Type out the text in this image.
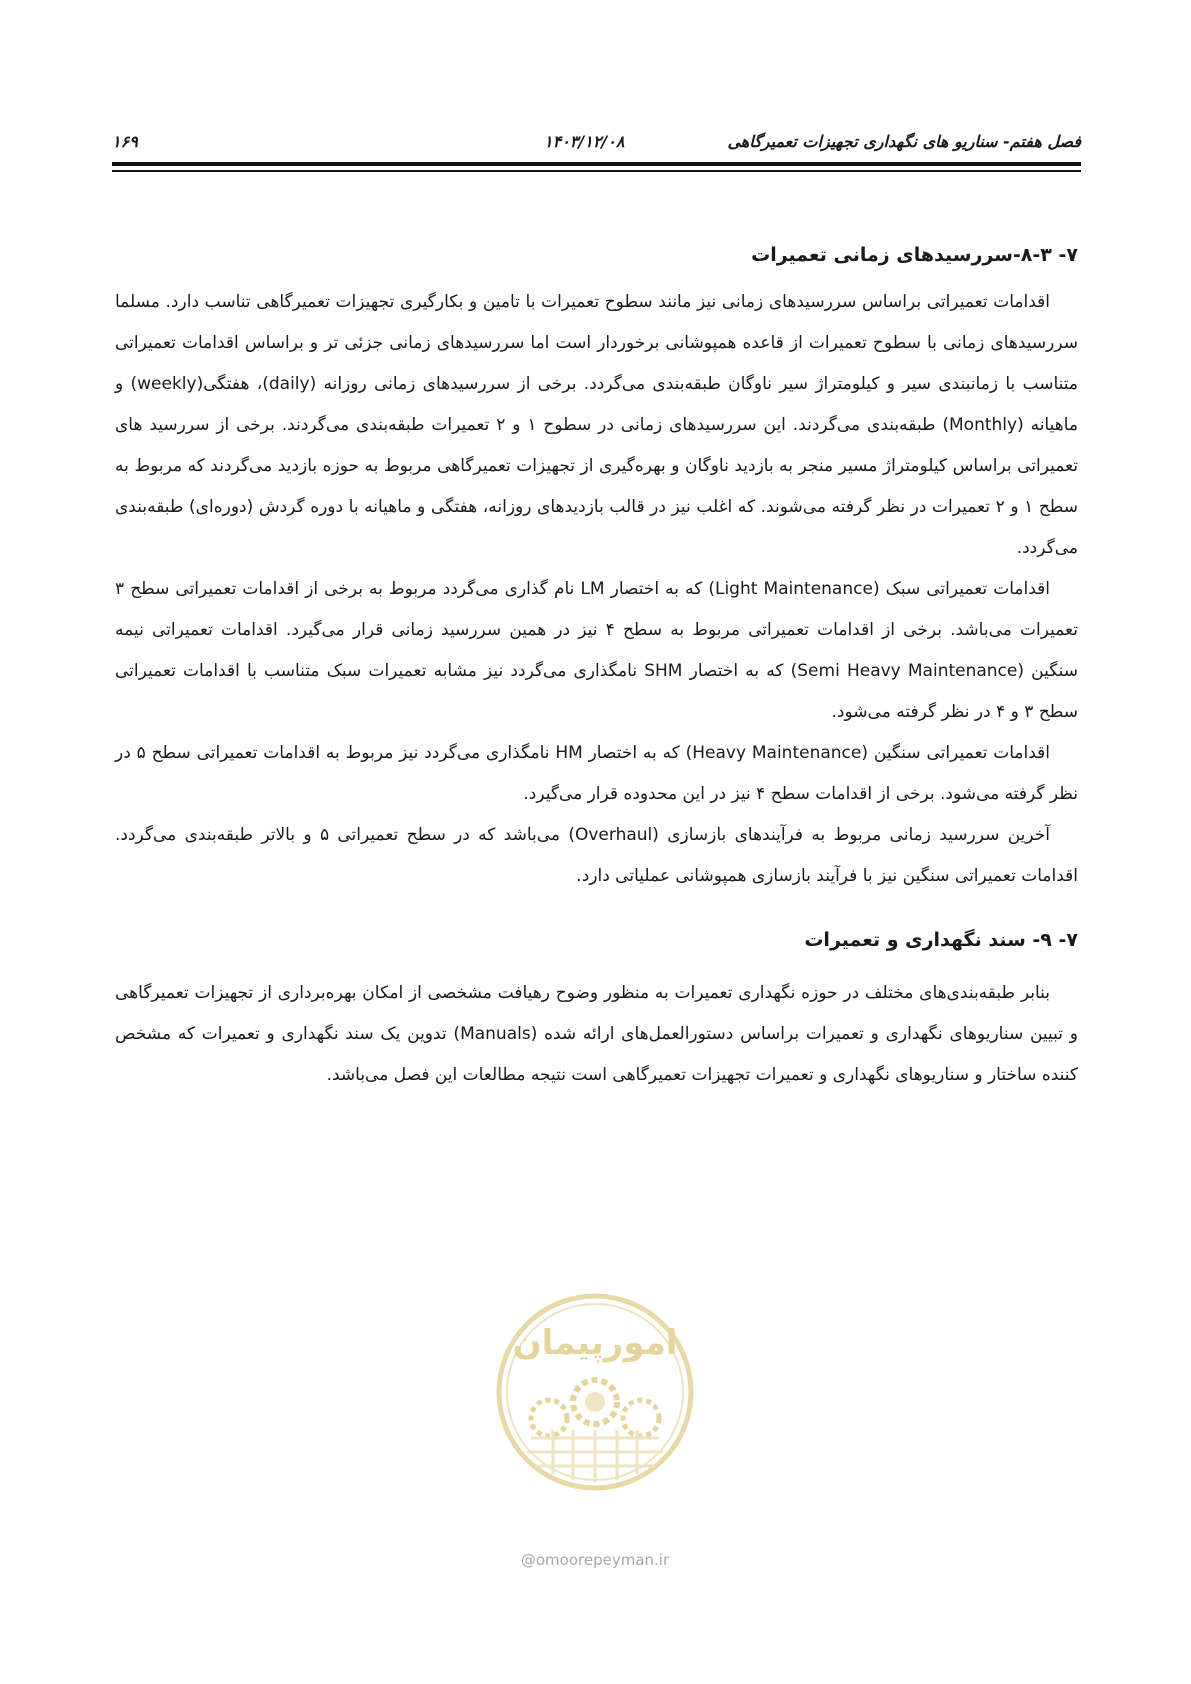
فصل هفتم- سناریو های نگهداری تجهیزات تعمیرگاهی
۱۴۰۳/۱۲/۰۸
۱۶۹
۷- ۸-۳-سررسیدهای زمانی تعمیرات

اقدامات تعمیراتی براساس سررسیدهای زمانی نیز مانند سطوح تعمیرات با تامین و بکارگیری تجهیزات تعمیرگاهی تناسب دارد. مسلما سررسیدهای زمانی با سطوح تعمیرات از قاعده همپوشانی برخوردار است اما سررسیدهای زمانی جزئی تر و براساس اقدامات تعمیراتی متناسب با زمانبندی سیر و کیلومتراژ سیر ناوگان طبقه‌بندی می‌گردد. برخی از سررسیدهای زمانی روزانه (daily)، هفتگی(weekly) و ماهیانه (Monthly) طبقه‌بندی می‌گردند. این سررسیدهای زمانی در سطوح ۱ و ۲ تعمیرات طبقه‌بندی می‌گردند. برخی از سررسید های تعمیراتی براساس کیلومتراژ مسیر منجر به بازدید ناوگان و بهره‌گیری از تجهیزات تعمیرگاهی مربوط به حوزه بازدید می‌گردند که مربوط به سطح ۱ و ۲ تعمیرات در نظر گرفته می‌شوند. که اغلب نیز در قالب بازدیدهای روزانه، هفتگی و ماهیانه با دوره گردش (دوره‌ای) طبقه‌بندی می‌گردد.

اقدامات تعمیراتی سبک (Light Maintenance) که به اختصار LM نام گذاری می‌گردد مربوط به برخی از اقدامات تعمیراتی سطح ۳ تعمیرات می‌باشد. برخی از اقدامات تعمیراتی مربوط به سطح ۴ نیز در همین سررسید زمانی قرار می‌گیرد. اقدامات تعمیراتی نیمه سنگین (Semi Heavy Maintenance) که به اختصار SHM نامگذاری می‌گردد نیز مشابه تعمیرات سبک متناسب با اقدامات تعمیراتی سطح ۳ و ۴ در نظر گرفته می‌شود.

اقدامات تعمیراتی سنگین (Heavy Maintenance) که به اختصار HM نامگذاری می‌گردد نیز مربوط به اقدامات تعمیراتی سطح ۵ در نظر گرفته می‌شود. برخی از اقدامات سطح ۴ نیز در این محدوده قرار می‌گیرد.

آخرین سررسید زمانی مربوط به فرآیندهای بازسازی (Overhaul) می‌باشد که در سطح تعمیراتی ۵ و بالاتر طبقه‌بندی می‌گردد. اقدامات تعمیراتی سنگین نیز با فرآیند بازسازی همپوشانی عملیاتی دارد.

۷- ۹- سند نگهداری و تعمیرات

بنابر طبقه‌بندی‌های مختلف در حوزه نگهداری تعمیرات به منظور وضوح رهیافت مشخصی از امکان بهره‌برداری از تجهیزات تعمیرگاهی و تبیین سناریوهای نگهداری و تعمیرات براساس دستورالعمل‌های ارائه شده (Manuals) تدوین یک سند نگهداری و تعمیرات که مشخص کننده ساختار و سناریوهای نگهداری و تعمیرات تجهیزات تعمیرگاهی است نتیجه مطالعات این فصل می‌باشد.

امورپیمان
@omoorepeyman.ir
